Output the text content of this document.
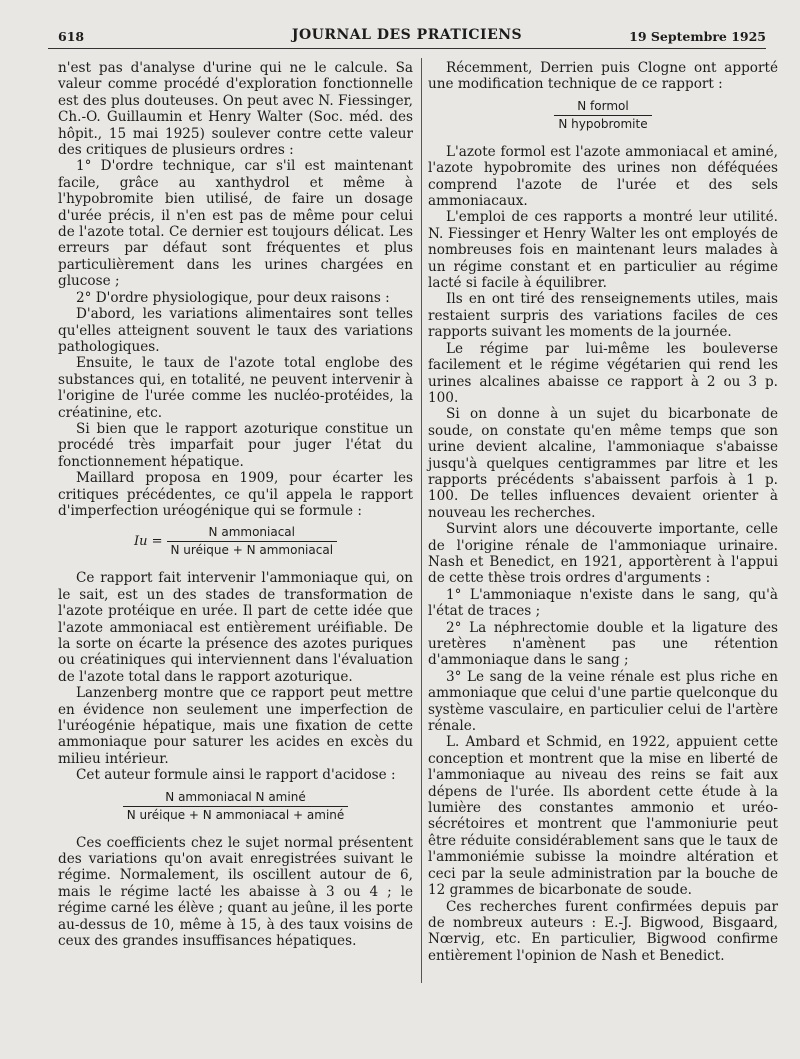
618	JOURNAL DES PRATICIENS	19 Septembre 1925

n'est pas d'analyse d'urine qui ne le calcule. Sa valeur comme procédé d'exploration fonctionnelle est des plus douteuses. On peut avec N. Fiessinger, Ch.-O. Guillaumin et Henry Walter (Soc. méd. des hôpit., 15 mai 1925) soulever contre cette valeur des critiques de plusieurs ordres :

1° D'ordre technique, car s'il est maintenant facile, grâce au xanthydrol et même à l'hypobromite bien utilisé, de faire un dosage d'urée précis, il n'en est pas de même pour celui de l'azote total. Ce dernier est toujours délicat. Les erreurs par défaut sont fréquentes et plus particulièrement dans les urines chargées en glucose ;

2° D'ordre physiologique, pour deux raisons :

D'abord, les variations alimentaires sont telles qu'elles atteignent souvent le taux des variations pathologiques.

Ensuite, le taux de l'azote total englobe des substances qui, en totalité, ne peuvent intervenir à l'origine de l'urée comme les nucléo-protéides, la créatinine, etc.

Si bien que le rapport azoturique constitue un procédé très imparfait pour juger l'état du fonctionnement hépatique.

Maillard proposa en 1909, pour écarter les critiques précédentes, ce qu'il appela le rapport d'imperfection uréogénique qui se formule :

$Iu = \frac{\text{N ammoniacal}}{\text{N uréique + N ammoniacal}}$

Ce rapport fait intervenir l'ammoniaque qui, on le sait, est un des stades de transformation de l'azote protéique en urée. Il part de cette idée que l'azote ammoniacal est entièrement uréifiable. De la sorte on écarte la présence des azotes puriques ou créatiniques qui interviennent dans l'évaluation de l'azote total dans le rapport azoturique.

Lanzenberg montre que ce rapport peut mettre en évidence non seulement une imperfection de l'uréogénie hépatique, mais une fixation de cette ammoniaque pour saturer les acides en excès du milieu intérieur.

Cet auteur formule ainsi le rapport d'acidose :

$\frac{\text{N ammoniacal N aminé}}{\text{N uréique + N ammoniacal + aminé}}$

Ces coefficients chez le sujet normal présentent des variations qu'on avait enregistrées suivant le régime. Normalement, ils oscillent autour de 6, mais le régime lacté les abaisse à 3 ou 4 ; le régime carné les élève ; quant au jeûne, il les porte au-dessus de 10, même à 15, à des taux voisins de ceux des grandes insuffisances hépatiques.

Récemment, Derrien puis Clogne ont apporté une modification technique de ce rapport :

$\frac{\text{N formol}}{\text{N hypobromite}}$

L'azote formol est l'azote ammoniacal et aminé, l'azote hypobromite des urines non déféquées comprend l'azote de l'urée et des sels ammoniacaux.

L'emploi de ces rapports a montré leur utilité. N. Fiessinger et Henry Walter les ont employés de nombreuses fois en maintenant leurs malades à un régime constant et en particulier au régime lacté si facile à équilibrer.

Ils en ont tiré des renseignements utiles, mais restaient surpris des variations faciles de ces rapports suivant les moments de la journée.

Le régime par lui-même les bouleverse facilement et le régime végétarien qui rend les urines alcalines abaisse ce rapport à 2 ou 3 p. 100.

Si on donne à un sujet du bicarbonate de soude, on constate qu'en même temps que son urine devient alcaline, l'ammoniaque s'abaisse jusqu'à quelques centigrammes par litre et les rapports précédents s'abaissent parfois à 1 p. 100. De telles influences devaient orienter à nouveau les recherches.

Survint alors une découverte importante, celle de l'origine rénale de l'ammoniaque urinaire. Nash et Benedict, en 1921, apportèrent à l'appui de cette thèse trois ordres d'arguments :

1° L'ammoniaque n'existe dans le sang, qu'à l'état de traces ;

2° La néphrectomie double et la ligature des uretères n'amènent pas une rétention d'ammoniaque dans le sang ;

3° Le sang de la veine rénale est plus riche en ammoniaque que celui d'une partie quelconque du système vasculaire, en particulier celui de l'artère rénale.

L. Ambard et Schmid, en 1922, appuient cette conception et montrent que la mise en liberté de l'ammoniaque au niveau des reins se fait aux dépens de l'urée. Ils abordent cette étude à la lumière des constantes ammonio et uréo-sécrétoires et montrent que l'ammoniurie peut être réduite considérablement sans que le taux de l'ammoniémie subisse la moindre altération et ceci par la seule administration par la bouche de 12 grammes de bicarbonate de soude.

Ces recherches furent confirmées depuis par de nombreux auteurs : E.-J. Bigwood, Bisgaard, Nœrvig, etc. En particulier, Bigwood confirme entièrement l'opinion de Nash et Benedict.
